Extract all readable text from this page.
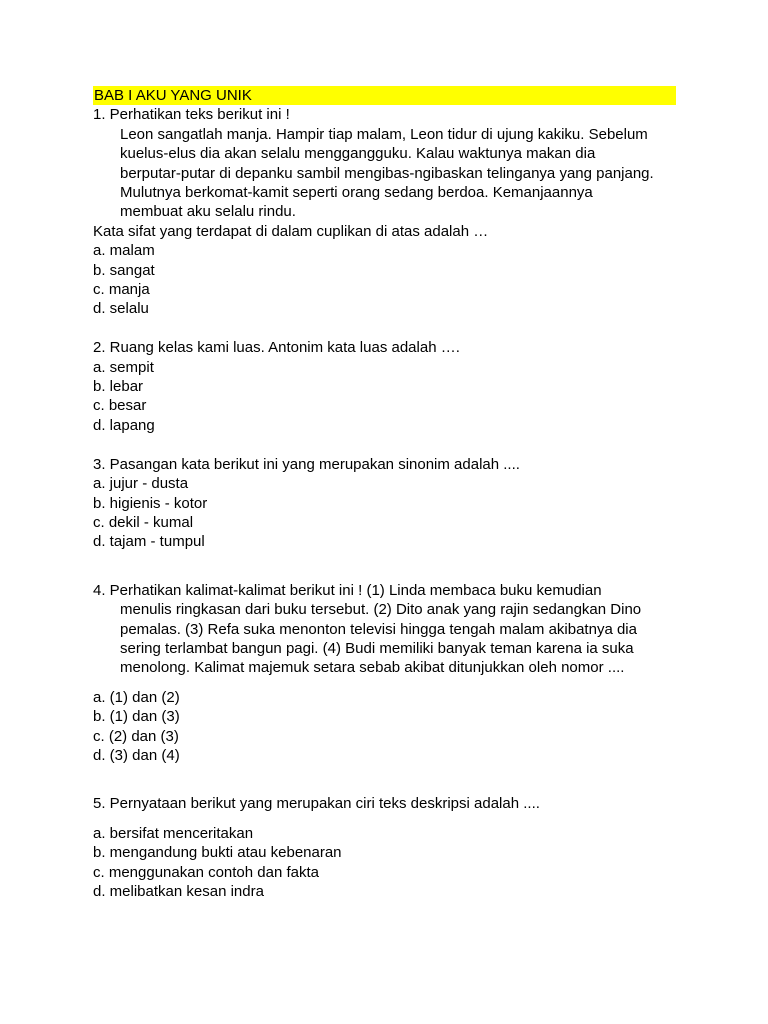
BAB I AKU YANG UNIK
1. Perhatikan teks berikut ini !
Leon sangatlah manja. Hampir tiap malam, Leon tidur di ujung kakiku. Sebelum
kuelus-elus dia akan selalu menggangguku. Kalau waktunya makan dia
berputar-putar di depanku sambil mengibas-ngibaskan telinganya yang panjang.
Mulutnya berkomat-kamit seperti orang sedang berdoa. Kemanjaannya
membuat aku selalu rindu.
Kata sifat yang terdapat di dalam cuplikan di atas adalah …
a. malam
b. sangat
c. manja
d. selalu
2. Ruang kelas kami luas. Antonim kata luas adalah ….
a. sempit
b. lebar
c. besar
d. lapang
3. Pasangan kata berikut ini yang merupakan sinonim adalah ....
a. jujur - dusta
b. higienis - kotor
c. dekil - kumal
d. tajam - tumpul
4. Perhatikan kalimat-kalimat berikut ini ! (1) Linda membaca buku kemudian
menulis ringkasan dari buku tersebut. (2) Dito anak yang rajin sedangkan Dino
pemalas. (3) Refa suka menonton televisi hingga tengah malam akibatnya dia
sering terlambat bangun pagi. (4) Budi memiliki banyak teman karena ia suka
menolong. Kalimat majemuk setara sebab akibat ditunjukkan oleh nomor ....
a. (1) dan (2)
b. (1) dan (3)
c. (2) dan (3)
d. (3) dan (4)
5. Pernyataan berikut yang merupakan ciri teks deskripsi adalah ....
a. bersifat menceritakan
b. mengandung bukti atau kebenaran
c. menggunakan contoh dan fakta
d. melibatkan kesan indra
